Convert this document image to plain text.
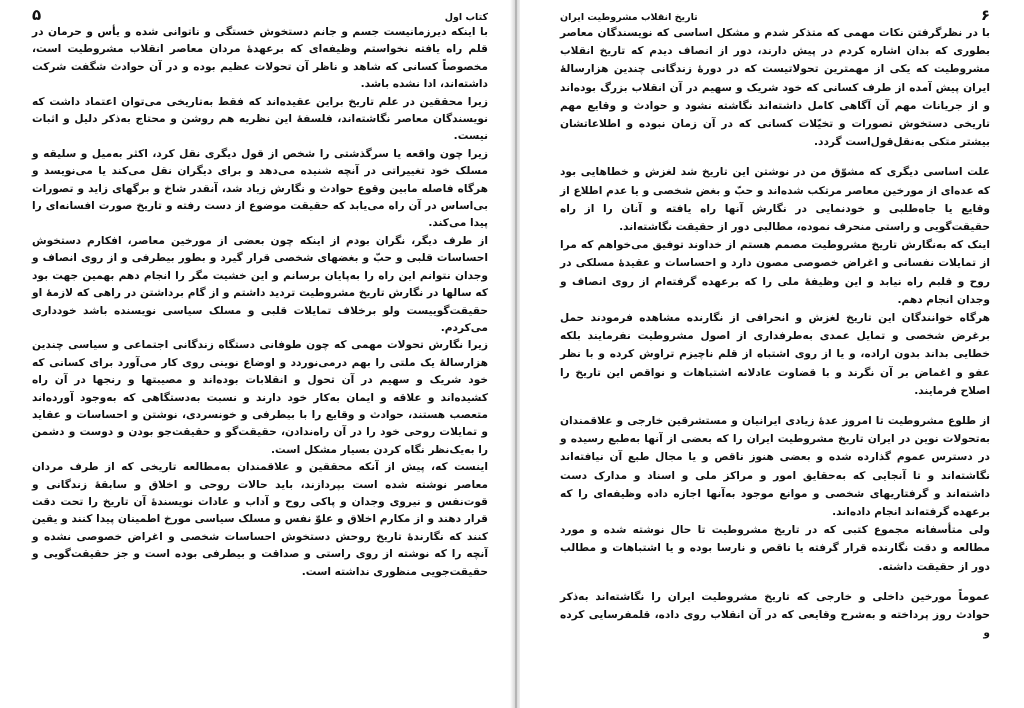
کتاب اول
۵

با اینکه دیرزمانیست جسم و جانم دستخوش خستگی و ناتوانی شده و یأس و حرمان در قلم راه یافته نخواستم وظیفه‌ای که برعهدهٔ مردان معاصر انقلاب مشروطیت است، مخصوصاً کسانی که شاهد و ناظر آن تحولات عظیم بوده و در آن حوادث شگفت شرکت داشته‌اند، ادا نشده باشد.

زیرا محققین در علم تاریخ براین عقیده‌اند که فقط به‌تاریخی می‌توان اعتماد داشت که نویسندگان معاصر نگاشته‌اند، فلسفهٔ این نظریه هم روشن و محتاج به‌ذکر دلیل و اثبات نیست.

زیرا چون واقعه یا سرگذشتی را شخص از قول دیگری نقل کرد، اکثر به‌میل و سلیقه و مسلک خود تغییراتی در آنچه شنیده می‌دهد و برای دیگران نقل می‌کند یا می‌نویسد و هرگاه فاصله مابین وقوع حوادث و نگارش زیاد شد، آنقدر شاخ و برگهای زاید و تصورات بی‌اساس در آن راه می‌یابد که حقیقت موضوع از دست رفته و تاریخ صورت افسانه‌ای را پیدا می‌کند.

از طرف دیگر، نگران بودم از اینکه چون بعضی از مورخین معاصر، افکارم دستخوش احساسات قلبی و حبّ و بغضهای شخصی قرار گیرد و بطور بیطرفی و از روی انصاف و وجدان نتوانم این راه را به‌پایان برسانم و این خشیت مگر را انجام دهم بهمین جهت بود که سالها در نگارش تاریخ مشروطیت تردید داشتم و از گام برداشتن در راهی که لازمهٔ او حقیقت‌گوییست ولو برخلاف تمایلات قلبی و مسلک سیاسی نویسنده باشد خودداری می‌کردم.

زیرا نگارش تحولات مهمی که چون طوفانی دستگاه زندگانی اجتماعی و سیاسی چندین هزارسالهٔ یک ملتی را بهم درمی‌نوردد و اوضاع نوینی روی کار می‌آورد برای کسانی که خود شریک و سهیم در آن تحول و انقلابات بوده‌اند و مصیبتها و رنجها در آن راه کشیده‌اند و علاقه و ایمان به‌کار خود دارند و نسبت به‌دستگاهی که به‌وجود آورده‌اند متعصب هستند، حوادث و وقایع را با بیطرفی و خونسردی، نوشتن و احساسات و عقاید و تمایلات روحی خود را در آن راه‌ندادن، حقیقت‌گو و حقیقت‌جو بودن و دوست و دشمن را به‌یک‌نظر نگاه کردن بسیار مشکل است.

اینست که، پیش از آنکه محققین و علاقمندان به‌مطالعه تاریخی که از طرف مردان معاصر نوشته شده است بپردازند، باید حالات روحی و اخلاق و سابقهٔ زندگانی و قوت‌نفس و نیروی وجدان و پاکی روح و آداب و عادات نویسندهٔ آن تاریخ را تحت دقت قرار دهند و از مکارم اخلاق و علوّ نفس و مسلک سیاسی مورخ اطمینان پیدا کنند و یقین کنند که نگارندهٔ تاریخ روحش دستخوش احساسات شخصی و اغراض خصوصی نشده و آنچه را که نوشته از روی راستی و صداقت و بیطرفی بوده است و جز حقیقت‌گویی و حقیقت‌جویی منظوری نداشته است.

۶
تاریخ انقلاب مشروطیت ایران

با در نظرگرفتن نکات مهمی که متذکر شدم و مشکل اساسی که نویسندگان معاصر بطوری که بدان اشاره کردم در پیش دارند، دور از انصاف دیدم که تاریخ انقلاب مشروطیت که یکی از مهمترین تحولاتیست که در دورهٔ زندگانی چندین هزارسالهٔ ایران پیش آمده از طرف کسانی که خود شریک و سهیم در آن انقلاب بزرگ بوده‌اند و از جریانات مهم آن آگاهی کامل داشته‌اند نگاشته نشود و حوادث و وقایع مهم تاریخی دستخوش تصورات و تخیّلات کسانی که در آن زمان نبوده و اطلاعاتشان بیشتر متکی به‌نقل‌قول‌است گردد.

علت اساسی دیگری که مشوّق من در نوشتن این تاریخ شد لغزش و خطاهایی بود که عده‌ای از مورخین معاصر مرتکب شده‌اند و حبّ و بغض شخصی و یا عدم اطلاع از وقایع یا جاه‌طلبی و خودنمایی در نگارش آنها راه یافته و آنان را از راه حقیقت‌گویی و راستی منحرف نموده، مطالبی دور از حقیقت نگاشته‌اند.

اینک که به‌نگارش تاریخ مشروطیت مصمم هستم از خداوند توفیق می‌خواهم که مرا از تمایلات نفسانی و اغراض خصوصی مصون دارد و احساسات و عقیدهٔ مسلکی در روح و قلبم راه نیابد و این وظیفهٔ ملی را که برعهده گرفته‌ام از روی انصاف و وجدان انجام دهم.

هرگاه خوانندگان این تاریخ لغزش و انحرافی از نگارنده مشاهده فرمودند حمل برغرض شخصی و تمایل عمدی به‌طرفداری از اصول مشروطیت نفرمایند بلکه خطایی بداند بدون اراده، و یا از روی اشتباه از قلم ناچیزم تراوش کرده و با نظر عفو و اغماض بر آن نگرند و با قضاوت عادلانه اشتباهات و نواقص این تاریخ را اصلاح فرمایند.

از طلوع مشروطیت تا امروز عدهٔ زیادی ایرانیان و مستشرقین خارجی و علاقمندان به‌تحولات نوین در ایران تاریخ مشروطیت ایران را که بعضی از آنها به‌طبع رسیده و در دسترس عموم گذارده شده و بعضی هنوز ناقص و یا مجال طبع آن نیافته‌اند نگاشته‌اند و تا آنجایی که به‌حقایق امور و مراکز ملی و اسناد و مدارک دست داشته‌اند و گرفتاریهای شخصی و موانع موجود به‌آنها اجازه داده وظیفه‌ای را که برعهده گرفته‌اند انجام داده‌اند.

ولی متأسفانه مجموع کتبی که در تاریخ مشروطیت تا حال نوشته شده و مورد مطالعه و دقت نگارنده قرار گرفته یا ناقص و نارسا بوده و یا اشتباهات و مطالب دور از حقیقت داشته.

عموماً مورخین داخلی و خارجی که تاریخ مشروطیت ایران را نگاشته‌اند به‌ذکر حوادث روز پرداخته و به‌شرح وقایعی که در آن انقلاب روی داده، قلمفرسایی کرده و
